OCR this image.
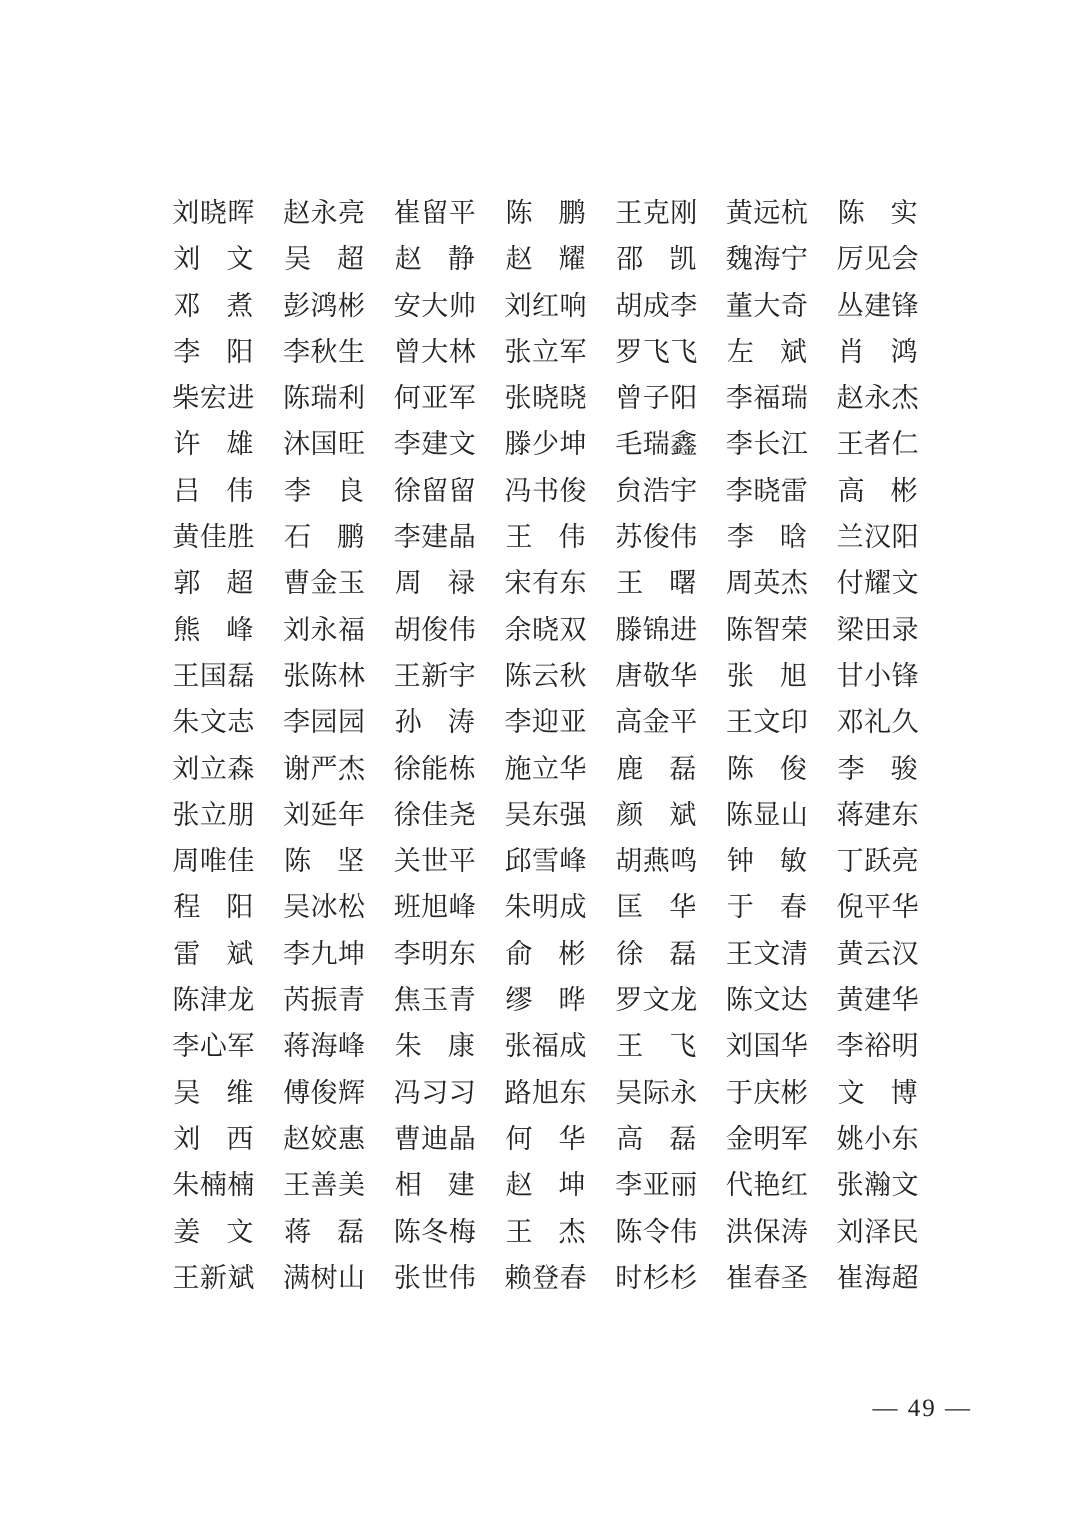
刘晓晖	赵永亮	崔留平	陈鹏	王克刚	黄远杭	陈实
刘文	吴超	赵静	赵耀	邵凯	魏海宁	厉见会
邓煮	彭鸿彬	安大帅	刘红响	胡成李	董大奇	丛建锋
李阳	李秋生	曾大林	张立军	罗飞飞	左斌	肖鸿
柴宏进	陈瑞利	何亚军	张晓晓	曾子阳	李福瑞	赵永杰
许雄	沐国旺	李建文	滕少坤	毛瑞鑫	李长江	王者仁
吕伟	李良	徐留留	冯书俊	贠浩宇	李晓雷	高彬
黄佳胜	石鹏	李建晶	王伟	苏俊伟	李晗	兰汉阳
郭超	曹金玉	周禄	宋有东	王曙	周英杰	付耀文
熊峰	刘永福	胡俊伟	余晓双	滕锦进	陈智荣	梁田录
王国磊	张陈林	王新宇	陈云秋	唐敬华	张旭	甘小锋
朱文志	李园园	孙涛	李迎亚	高金平	王文印	邓礼久
刘立森	谢严杰	徐能栋	施立华	鹿磊	陈俊	李骏
张立朋	刘延年	徐佳尧	吴东强	颜斌	陈显山	蒋建东
周唯佳	陈坚	关世平	邱雪峰	胡燕鸣	钟敏	丁跃亮
程阳	吴冰松	班旭峰	朱明成	匡华	于春	倪平华
雷斌	李九坤	李明东	俞彬	徐磊	王文清	黄云汉
陈津龙	芮振青	焦玉青	缪晔	罗文龙	陈文达	黄建华
李心军	蒋海峰	朱康	张福成	王飞	刘国华	李裕明
吴维	傅俊辉	冯习习	路旭东	吴际永	于庆彬	文博
刘西	赵姣惠	曹迪晶	何华	高磊	金明军	姚小东
朱楠楠	王善美	相建	赵坤	李亚丽	代艳红	张瀚文
姜文	蒋磊	陈冬梅	王杰	陈令伟	洪保涛	刘泽民
王新斌	满树山	张世伟	赖登春	时杉杉	崔春圣	崔海超
— 49 —
